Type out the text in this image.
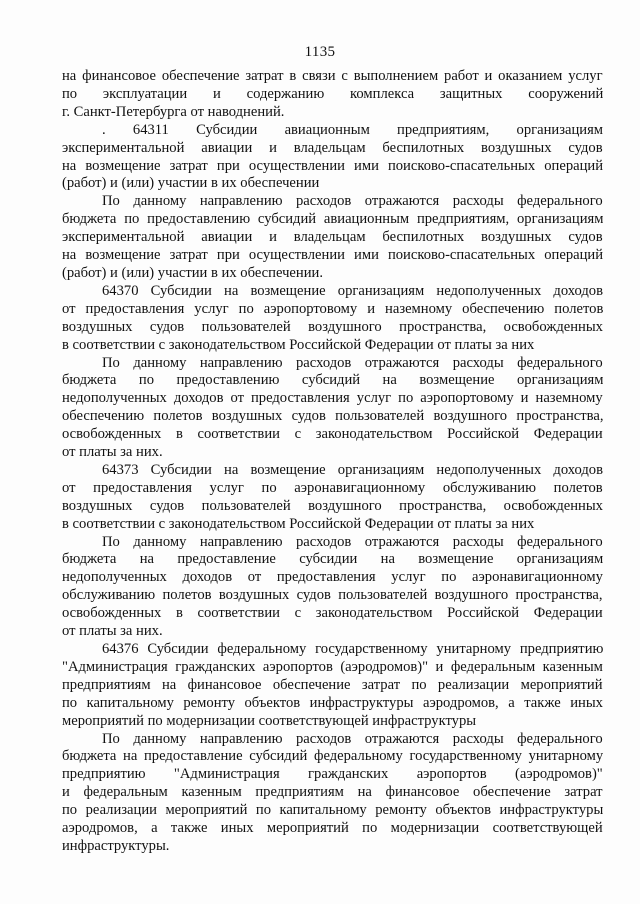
1135
на финансовое обеспечение затрат в связи с выполнением работ и оказанием услуг
по эксплуатации и содержанию комплекса защитных сооружений
г. Санкт-Петербурга от наводнений.
. 64311 Субсидии авиационным предприятиям, организациям
экспериментальной авиации и владельцам беспилотных воздушных судов
на возмещение затрат при осуществлении ими поисково-спасательных операций
(работ) и (или) участии в их обеспечении
По данному направлению расходов отражаются расходы федерального
бюджета по предоставлению субсидий авиационным предприятиям, организациям
экспериментальной авиации и владельцам беспилотных воздушных судов
на возмещение затрат при осуществлении ими поисково-спасательных операций
(работ) и (или) участии в их обеспечении.
64370 Субсидии на возмещение организациям недополученных доходов
от предоставления услуг по аэропортовому и наземному обеспечению полетов
воздушных судов пользователей воздушного пространства, освобожденных
в соответствии с законодательством Российской Федерации от платы за них
По данному направлению расходов отражаются расходы федерального
бюджета по предоставлению субсидий на возмещение организациям
недополученных доходов от предоставления услуг по аэропортовому и наземному
обеспечению полетов воздушных судов пользователей воздушного пространства,
освобожденных в соответствии с законодательством Российской Федерации
от платы за них.
64373 Субсидии на возмещение организациям недополученных доходов
от предоставления услуг по аэронавигационному обслуживанию полетов
воздушных судов пользователей воздушного пространства, освобожденных
в соответствии с законодательством Российской Федерации от платы за них
По данному направлению расходов отражаются расходы федерального
бюджета на предоставление субсидии на возмещение организациям
недополученных доходов от предоставления услуг по аэронавигационному
обслуживанию полетов воздушных судов пользователей воздушного пространства,
освобожденных в соответствии с законодательством Российской Федерации
от платы за них.
64376 Субсидии федеральному государственному унитарному предприятию
"Администрация гражданских аэропортов (аэродромов)" и федеральным казенным
предприятиям на финансовое обеспечение затрат по реализации мероприятий
по капитальному ремонту объектов инфраструктуры аэродромов, а также иных
мероприятий по модернизации соответствующей инфраструктуры
По данному направлению расходов отражаются расходы федерального
бюджета на предоставление субсидий федеральному государственному унитарному
предприятию "Администрация гражданских аэропортов (аэродромов)"
и федеральным казенным предприятиям на финансовое обеспечение затрат
по реализации мероприятий по капитальному ремонту объектов инфраструктуры
аэродромов, а также иных мероприятий по модернизации соответствующей
инфраструктуры.
